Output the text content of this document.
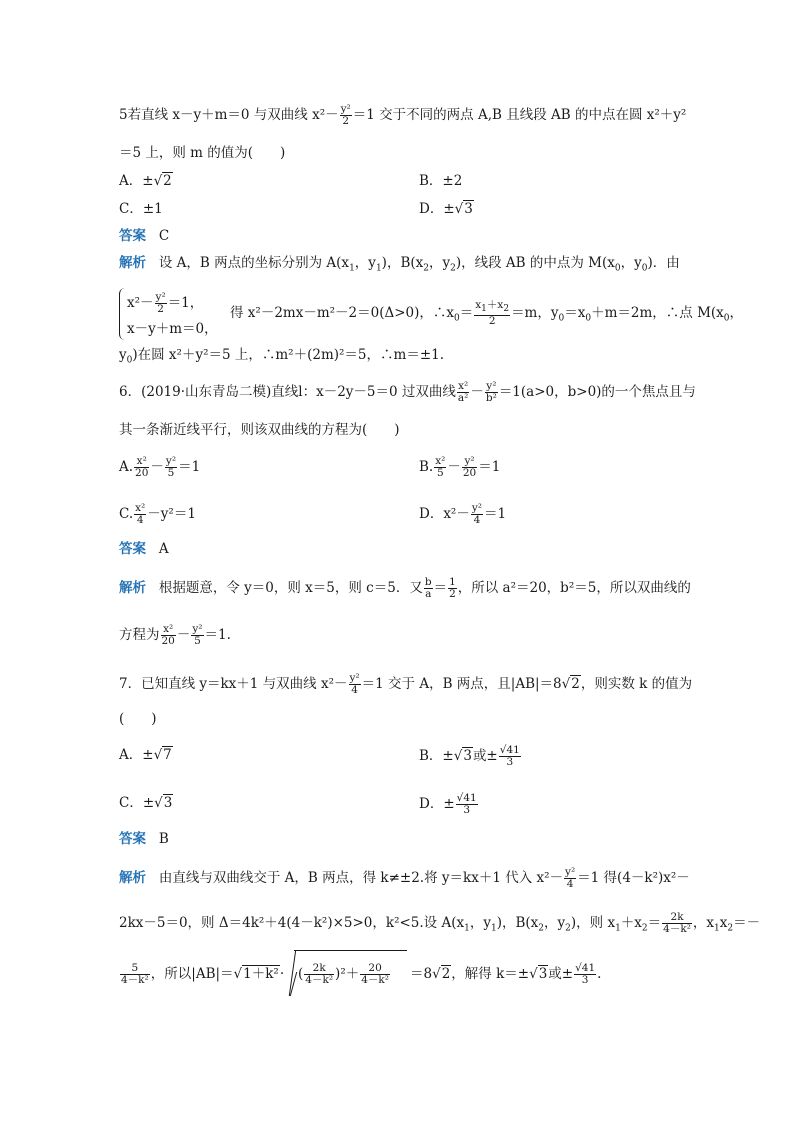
5若直线 x－y＋m＝0 与双曲线 $x^2- \frac{\text{y²}}{2} =1$ 交于不同的两点 A,B 且线段 AB 的中点在圆 x²＋y²
＝5 上，则 m 的值为(　　)
A．±√2	B．±2
C．±1	D．±√3
答案 C
解析 设 A，B 两点的坐标分别为 $A(x_1$，$y_1$)，$B(x_2$，$y_2$)，线段 AB 的中点为 $M(x_0$，$y_0$)．由
$x^2- \frac{\text{y²}}{2} =1$，
x－y＋m＝0，
得 x²－2mx－m²－2＝0(Δ>0)，$\therefore x_0= \frac{x_1+x_2}{2} =m$，$y_0=x_0+m=2m$，∴点 $M(x_0$，
$y_0$)在圆 x²＋y²＝5 上，∴m²＋(2m)²＝5，∴m＝±1.
6．(2019·山东青岛二模)直线l：x－2y－5＝0 过双曲线 $\frac{\text{x²}}{\text{a²}} - \frac{\text{y²}}{\text{b²}} =1(a>0$，b>0)的一个焦点且与
其一条渐近线平行，则该双曲线的方程为(　　)
A. $\frac{\text{x²}}{20} - \frac{\text{y²}}{5} =1$	B. $\frac{\text{x²}}{5} - \frac{\text{y²}}{20} =1$
C. $\frac{\text{x²}}{4} -y^2=1$	D．$x^2- \frac{\text{y²}}{4} =1$
答案 A
解析   根据题意，令 y＝0，则 x＝5，则 c＝5．又 $\frac{b}{a} = \frac{1}{2}$ ，所以 a²＝20，b²＝5，所以双曲线的
方程为 $\frac{\text{x²}}{20} - \frac{\text{y²}}{5} =1$.
7．已知直线 y＝kx＋1 与双曲线 $x^2- \frac{\text{y²}}{4} =1$ 交于 A，B 两点，且|AB|＝8√2，则实数 k 的值为
(　　)
A．±√7	B．±√3或± $\frac{√41}{3}$
C．±√3	D．± $\frac{√41}{3}$
答案 B
解析   由直线与双曲线交于 A，B 两点，得 k≠±2.将 y＝kx＋1 代入 $x^2- \frac{\text{y²}}{4} =1$ 得(4－k²)x²－
2kx－5＝0，则 Δ＝4k²＋4(4－k²)×5>0，k²<5.设 $A(x_1$，$y_1$)，$B(x_2$，$y_2$)，则 $x_1+x_2= \frac{2k}{\text{4－k²}}$ ，$x_1x_2=-$
$\frac{5}{\text{4－k²}}$ ，所以|AB|＝√1＋k²· ( $\frac{2k}{\text{4－k²}} )^2+ \frac{20}{\text{4－k²}} =8√2$，解得 k＝±√3或± $\frac{√41}{3}$ .
